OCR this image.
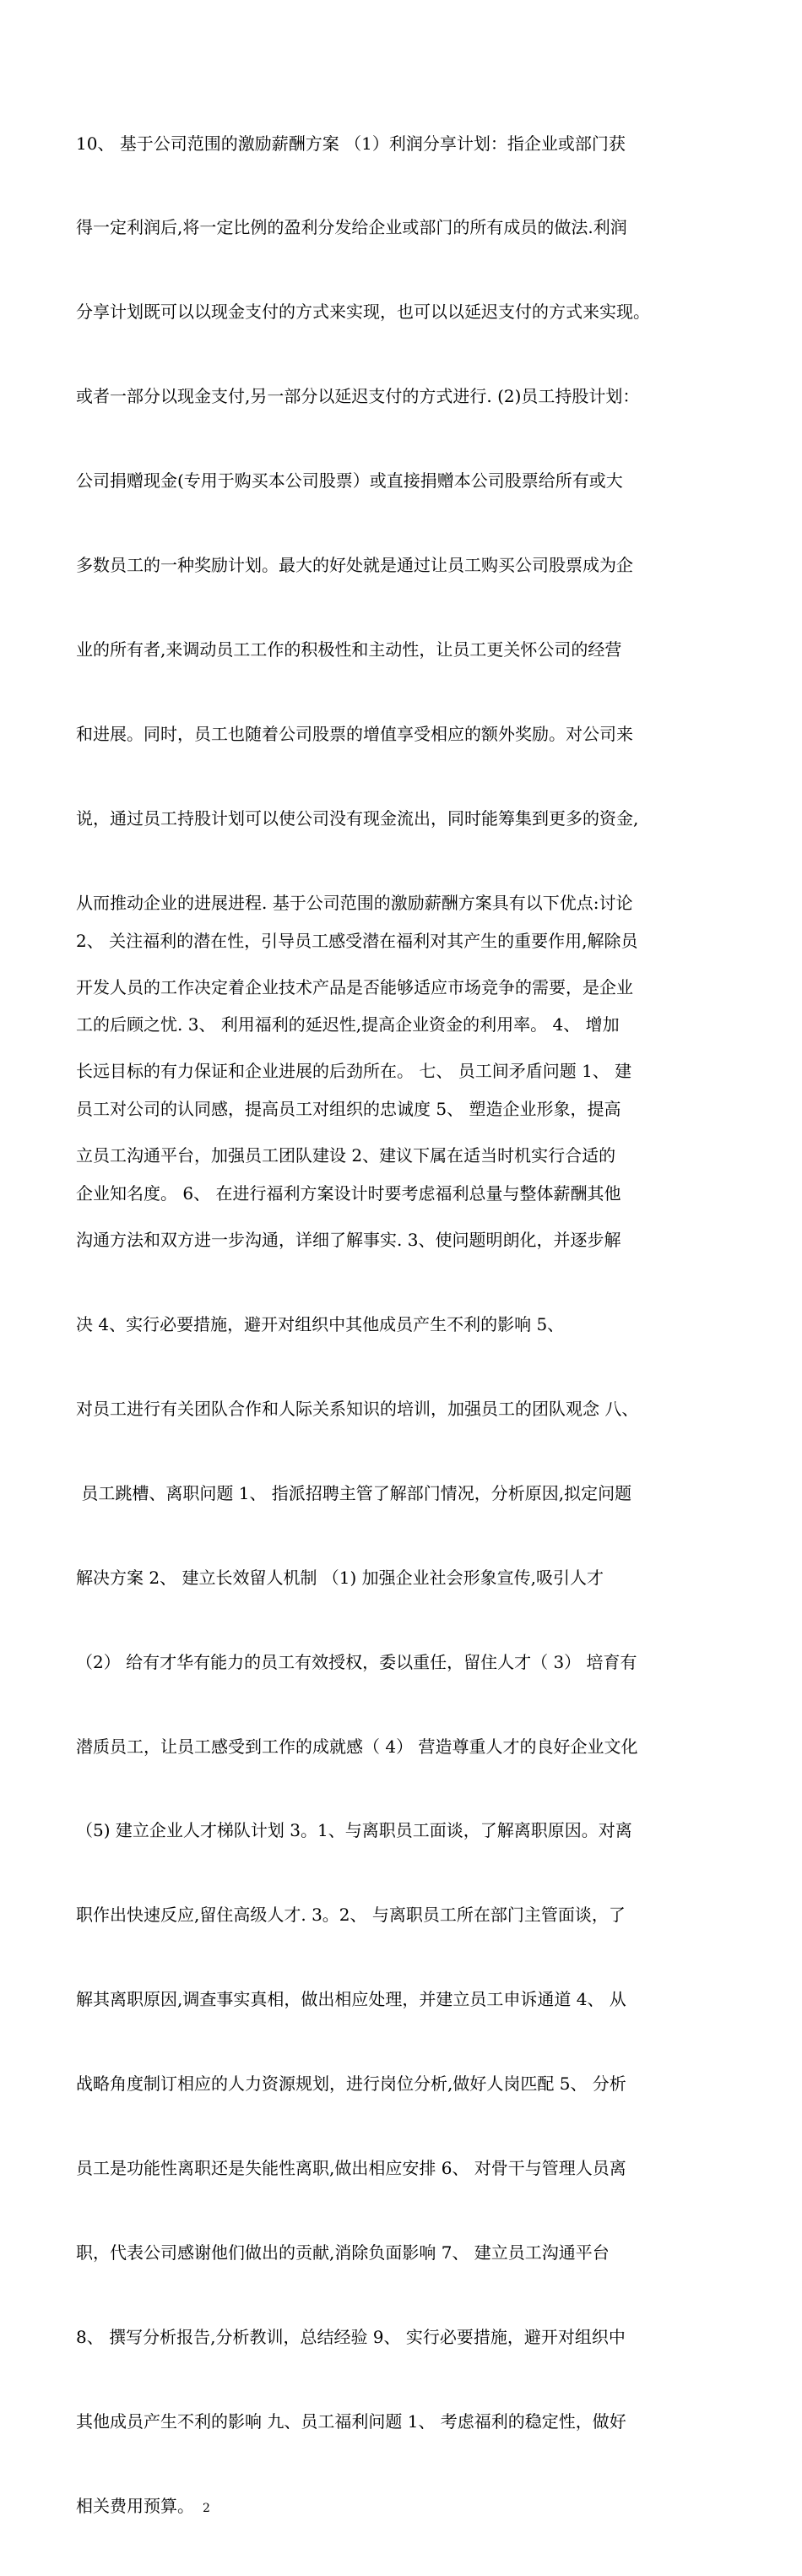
10、 基于公司范围的激励薪酬方案 （1）利润分享计划：指企业或部门获

得一定利润后,将一定比例的盈利分发给企业或部门的所有成员的做法.利润

分享计划既可以以现金支付的方式来实现，也可以以延迟支付的方式来实现。

或者一部分以现金支付,另一部分以延迟支付的方式进行. (2)员工持股计划：

公司捐赠现金(专用于购买本公司股票）或直接捐赠本公司股票给所有或大

多数员工的一种奖励计划。最大的好处就是通过让员工购买公司股票成为企

业的所有者,来调动员工工作的积极性和主动性，让员工更关怀公司的经营

和进展。同时，员工也随着公司股票的增值享受相应的额外奖励。对公司来

说，通过员工持股计划可以使公司没有现金流出，同时能筹集到更多的资金,

从而推动企业的进展进程. 基于公司范围的激励薪酬方案具有以下优点:讨论

开发人员的工作决定着企业技术产品是否能够适应市场竞争的需要，是企业

长远目标的有力保证和企业进展的后劲所在。 七、 员工间矛盾问题 1、 建

立员工沟通平台，加强员工团队建设 2、建议下属在适当时机实行合适的

沟通方法和双方进一步沟通，详细了解事实. 3、使问题明朗化，并逐步解

决 4、实行必要措施，避开对组织中其他成员产生不利的影响 5、

对员工进行有关团队合作和人际关系知识的培训，加强员工的团队观念 八、

员工跳槽、离职问题 1、 指派招聘主管了解部门情况，分析原因,拟定问题

解决方案 2、 建立长效留人机制 （1) 加强企业社会形象宣传,吸引人才

（2） 给有才华有能力的员工有效授权，委以重任，留住人才（ 3） 培育有

潜质员工，让员工感受到工作的成就感（ 4） 营造尊重人才的良好企业文化

（5) 建立企业人才梯队计划 3。1、与离职员工面谈，了解离职原因。对离

职作出快速反应,留住高级人才. 3。2、 与离职员工所在部门主管面谈，了

解其离职原因,调查事实真相，做出相应处理，并建立员工申诉通道 4、 从

战略角度制订相应的人力资源规划，进行岗位分析,做好人岗匹配 5、 分析

员工是功能性离职还是失能性离职,做出相应安排 6、 对骨干与管理人员离

职，代表公司感谢他们做出的贡献,消除负面影响 7、 建立员工沟通平台

8、 撰写分析报告,分析教训，总结经验 9、 实行必要措施，避开对组织中

其他成员产生不利的影响 九、员工福利问题 1、 考虑福利的稳定性，做好

相关费用预算。 2

2、 关注福利的潜在性，引导员工感受潜在福利对其产生的重要作用,解除员

工的后顾之忧. 3、 利用福利的延迟性,提高企业资金的利用率。 4、 增加

员工对公司的认同感，提高员工对组织的忠诚度 5、 塑造企业形象，提高

企业知名度。 6、 在进行福利方案设计时要考虑福利总量与整体薪酬其他
